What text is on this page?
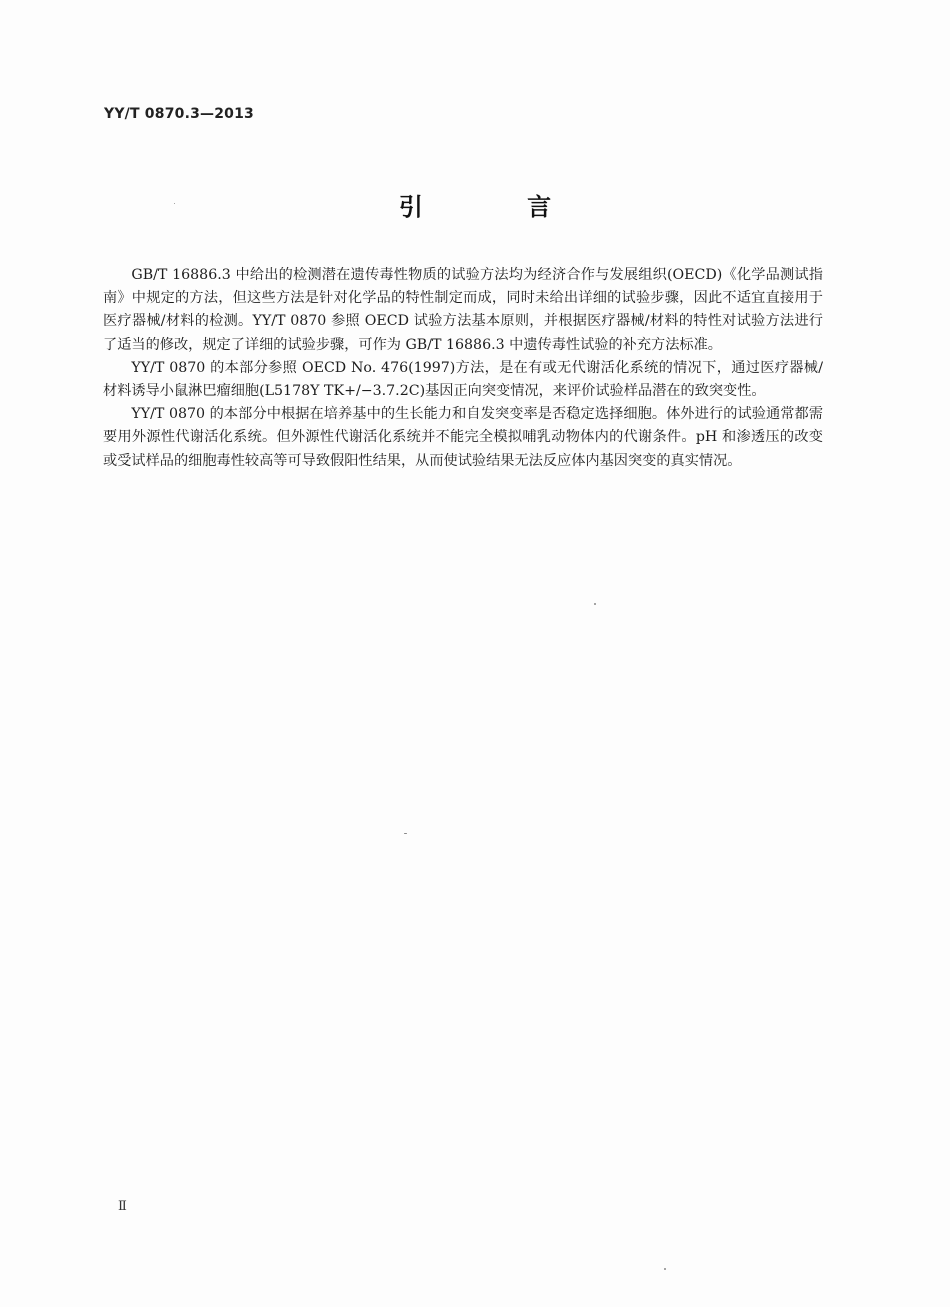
YY/T 0870.3—2013
引 言

GB/T 16886.3 中给出的检测潜在遗传毒性物质的试验方法均为经济合作与发展组织(OECD)《化学品测试指南》中规定的方法，但这些方法是针对化学品的特性制定而成，同时未给出详细的试验步骤，因此不适宜直接用于医疗器械/材料的检测。YY/T 0870 参照 OECD 试验方法基本原则，并根据医疗器械/材料的特性对试验方法进行了适当的修改，规定了详细的试验步骤，可作为 GB/T 16886.3 中遗传毒性试验的补充方法标准。

YY/T 0870 的本部分参照 OECD No. 476(1997)方法，是在有或无代谢活化系统的情况下，通过医疗器械/材料诱导小鼠淋巴瘤细胞(L5178Y TK+/−3.7.2C)基因正向突变情况，来评价试验样品潜在的致突变性。

YY/T 0870 的本部分中根据在培养基中的生长能力和自发突变率是否稳定选择细胞。体外进行的试验通常都需要用外源性代谢活化系统。但外源性代谢活化系统并不能完全模拟哺乳动物体内的代谢条件。pH 和渗透压的改变或受试样品的细胞毒性较高等可导致假阳性结果，从而使试验结果无法反应体内基因突变的真实情况。

Ⅱ
